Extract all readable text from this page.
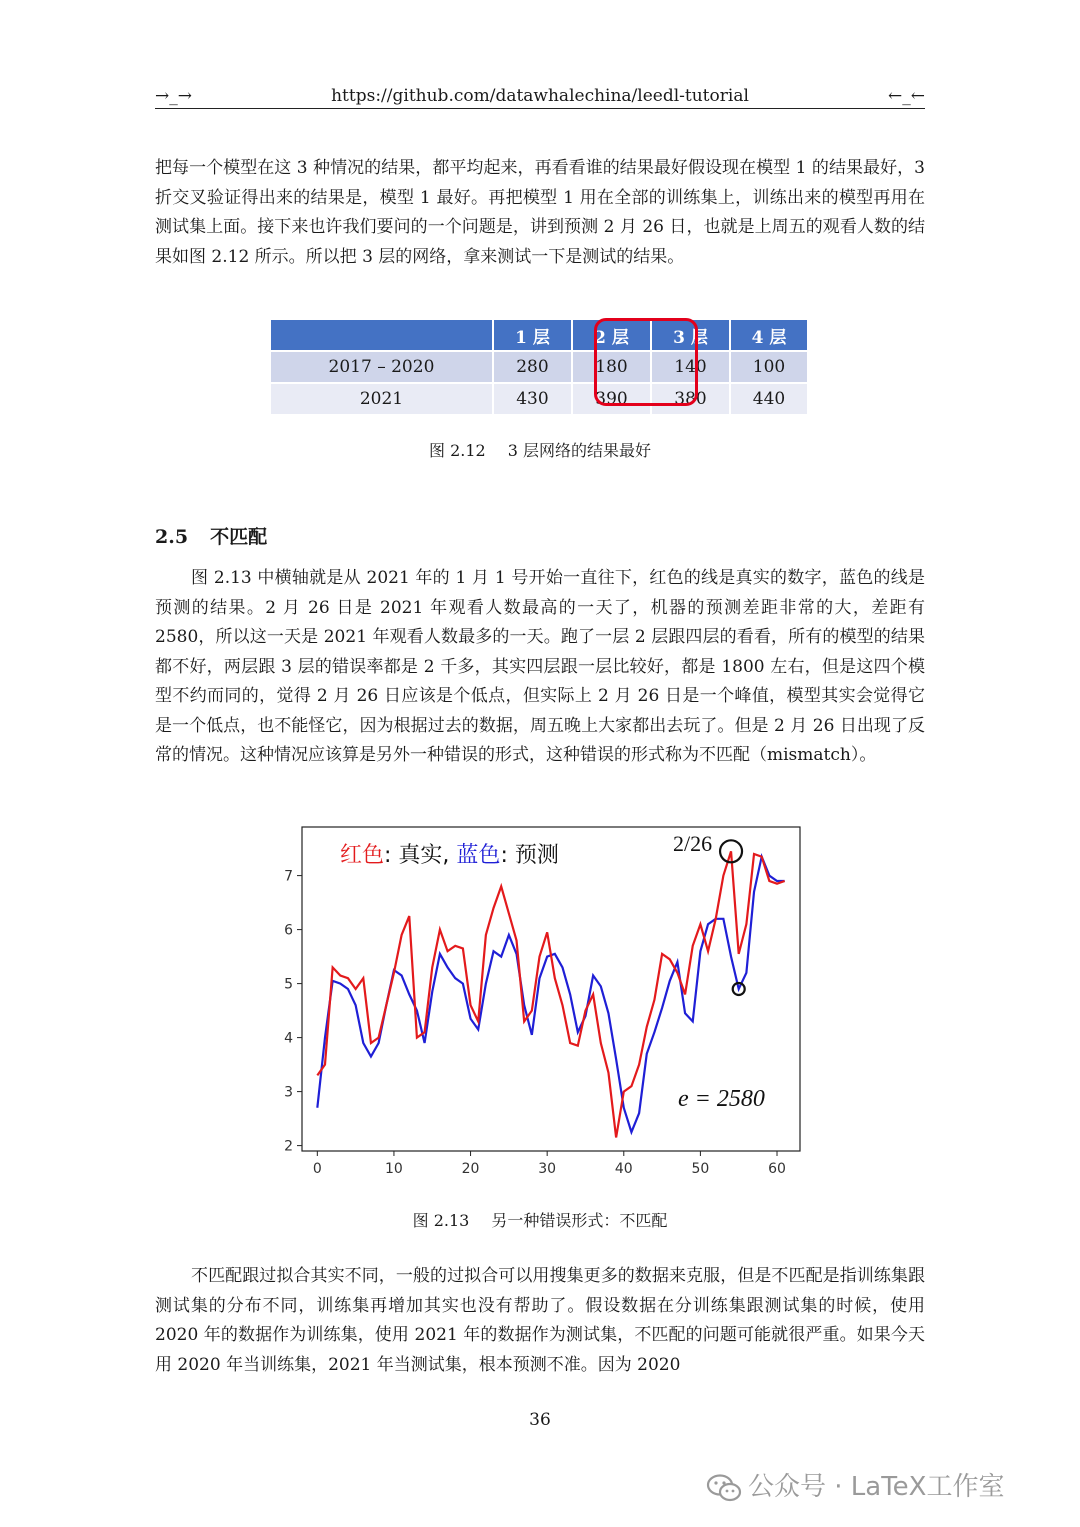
→_→	https://github.com/datawhalechina/leedl-tutorial	←_←

把每一个模型在这 3 种情况的结果，都平均起来，再看看谁的结果最好假设现在模型 1 的结果最好，3 折交叉验证得出来的结果是，模型 1 最好。再把模型 1 用在全部的训练集上，训练出来的模型再用在测试集上面。接下来也许我们要问的一个问题是，讲到预测 2 月 26 日，也就是上周五的观看人数的结果如图 2.12 所示。所以把 3 层的网络，拿来测试一下是测试的结果。

	1 层	2 层	3 层	4 层
2017 – 2020	280	180	140	100
2021	430	390	380	440
图 2.12 3 层网络的结果最好
2.5 不匹配

图 2.13 中横轴就是从 2021 年的 1 月 1 号开始一直往下，红色的线是真实的数字，蓝色的线是预测的结果。2 月 26 日是 2021 年观看人数最高的一天了，机器的预测差距非常的大，差距有 2580，所以这一天是 2021 年观看人数最多的一天。跑了一层 2 层跟四层的看看，所有的模型的结果都不好，两层跟 3 层的错误率都是 2 千多，其实四层跟一层比较好，都是 1800 左右，但是这四个模型不约而同的，觉得 2 月 26 日应该是个低点，但实际上 2 月 26 日是一个峰值，模型其实会觉得它是一个低点，也不能怪它，因为根据过去的数据，周五晚上大家都出去玩了。但是 2 月 26 日出现了反常的情况。这种情况应该算是另外一种错误的形式，这种错误的形式称为不匹配（mismatch）。

0	10	20	30	40	50	60
2
3
4
5
6
7
红色: 真实, 蓝色: 预测	2/26
e = 2580
图 2.13 另一种错误形式：不匹配

不匹配跟过拟合其实不同，一般的过拟合可以用搜集更多的数据来克服，但是不匹配是指训练集跟测试集的分布不同，训练集再增加其实也没有帮助了。假设数据在分训练集跟测试集的时候，使用 2020 年的数据作为训练集，使用 2021 年的数据作为测试集，不匹配的问题可能就很严重。如果今天用 2020 年当训练集，2021 年当测试集，根本预测不准。因为 2020

36
公众号 · LaTeX工作室
